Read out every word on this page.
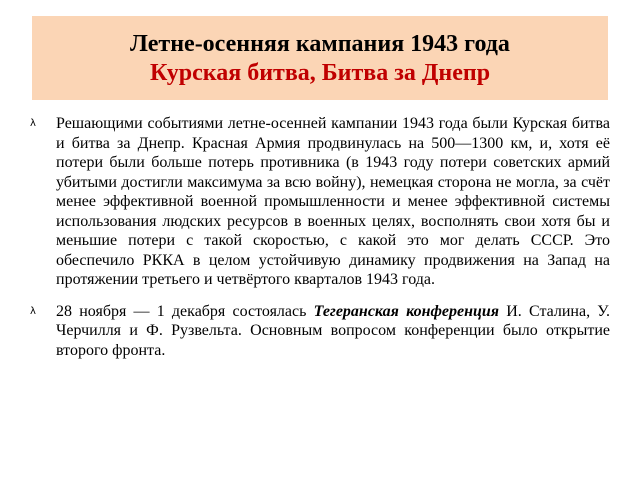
Летне-осенняя кампания 1943 года
Курская битва, Битва за Днепр
λ Решающими событиями летне-осенней кампании 1943 года были Курская битва и битва за Днепр. Красная Армия продвинулась на 500—1300 км, и, хотя её потери были больше потерь противника (в 1943 году потери советских армий убитыми достигли максимума за всю войну), немецкая сторона не могла, за счёт менее эффективной военной промышленности и менее эффективной системы использования людских ресурсов в военных целях, восполнять свои хотя бы и меньшие потери с такой скоростью, с какой это мог делать СССР. Это обеспечило РККА в целом устойчивую динамику продвижения на Запад на протяжении третьего и четвёртого кварталов 1943 года.
λ 28 ноября — 1 декабря состоялась Тегеранская конференция И. Сталина, У. Черчилля и Ф. Рузвельта. Основным вопросом конференции было открытие второго фронта.
